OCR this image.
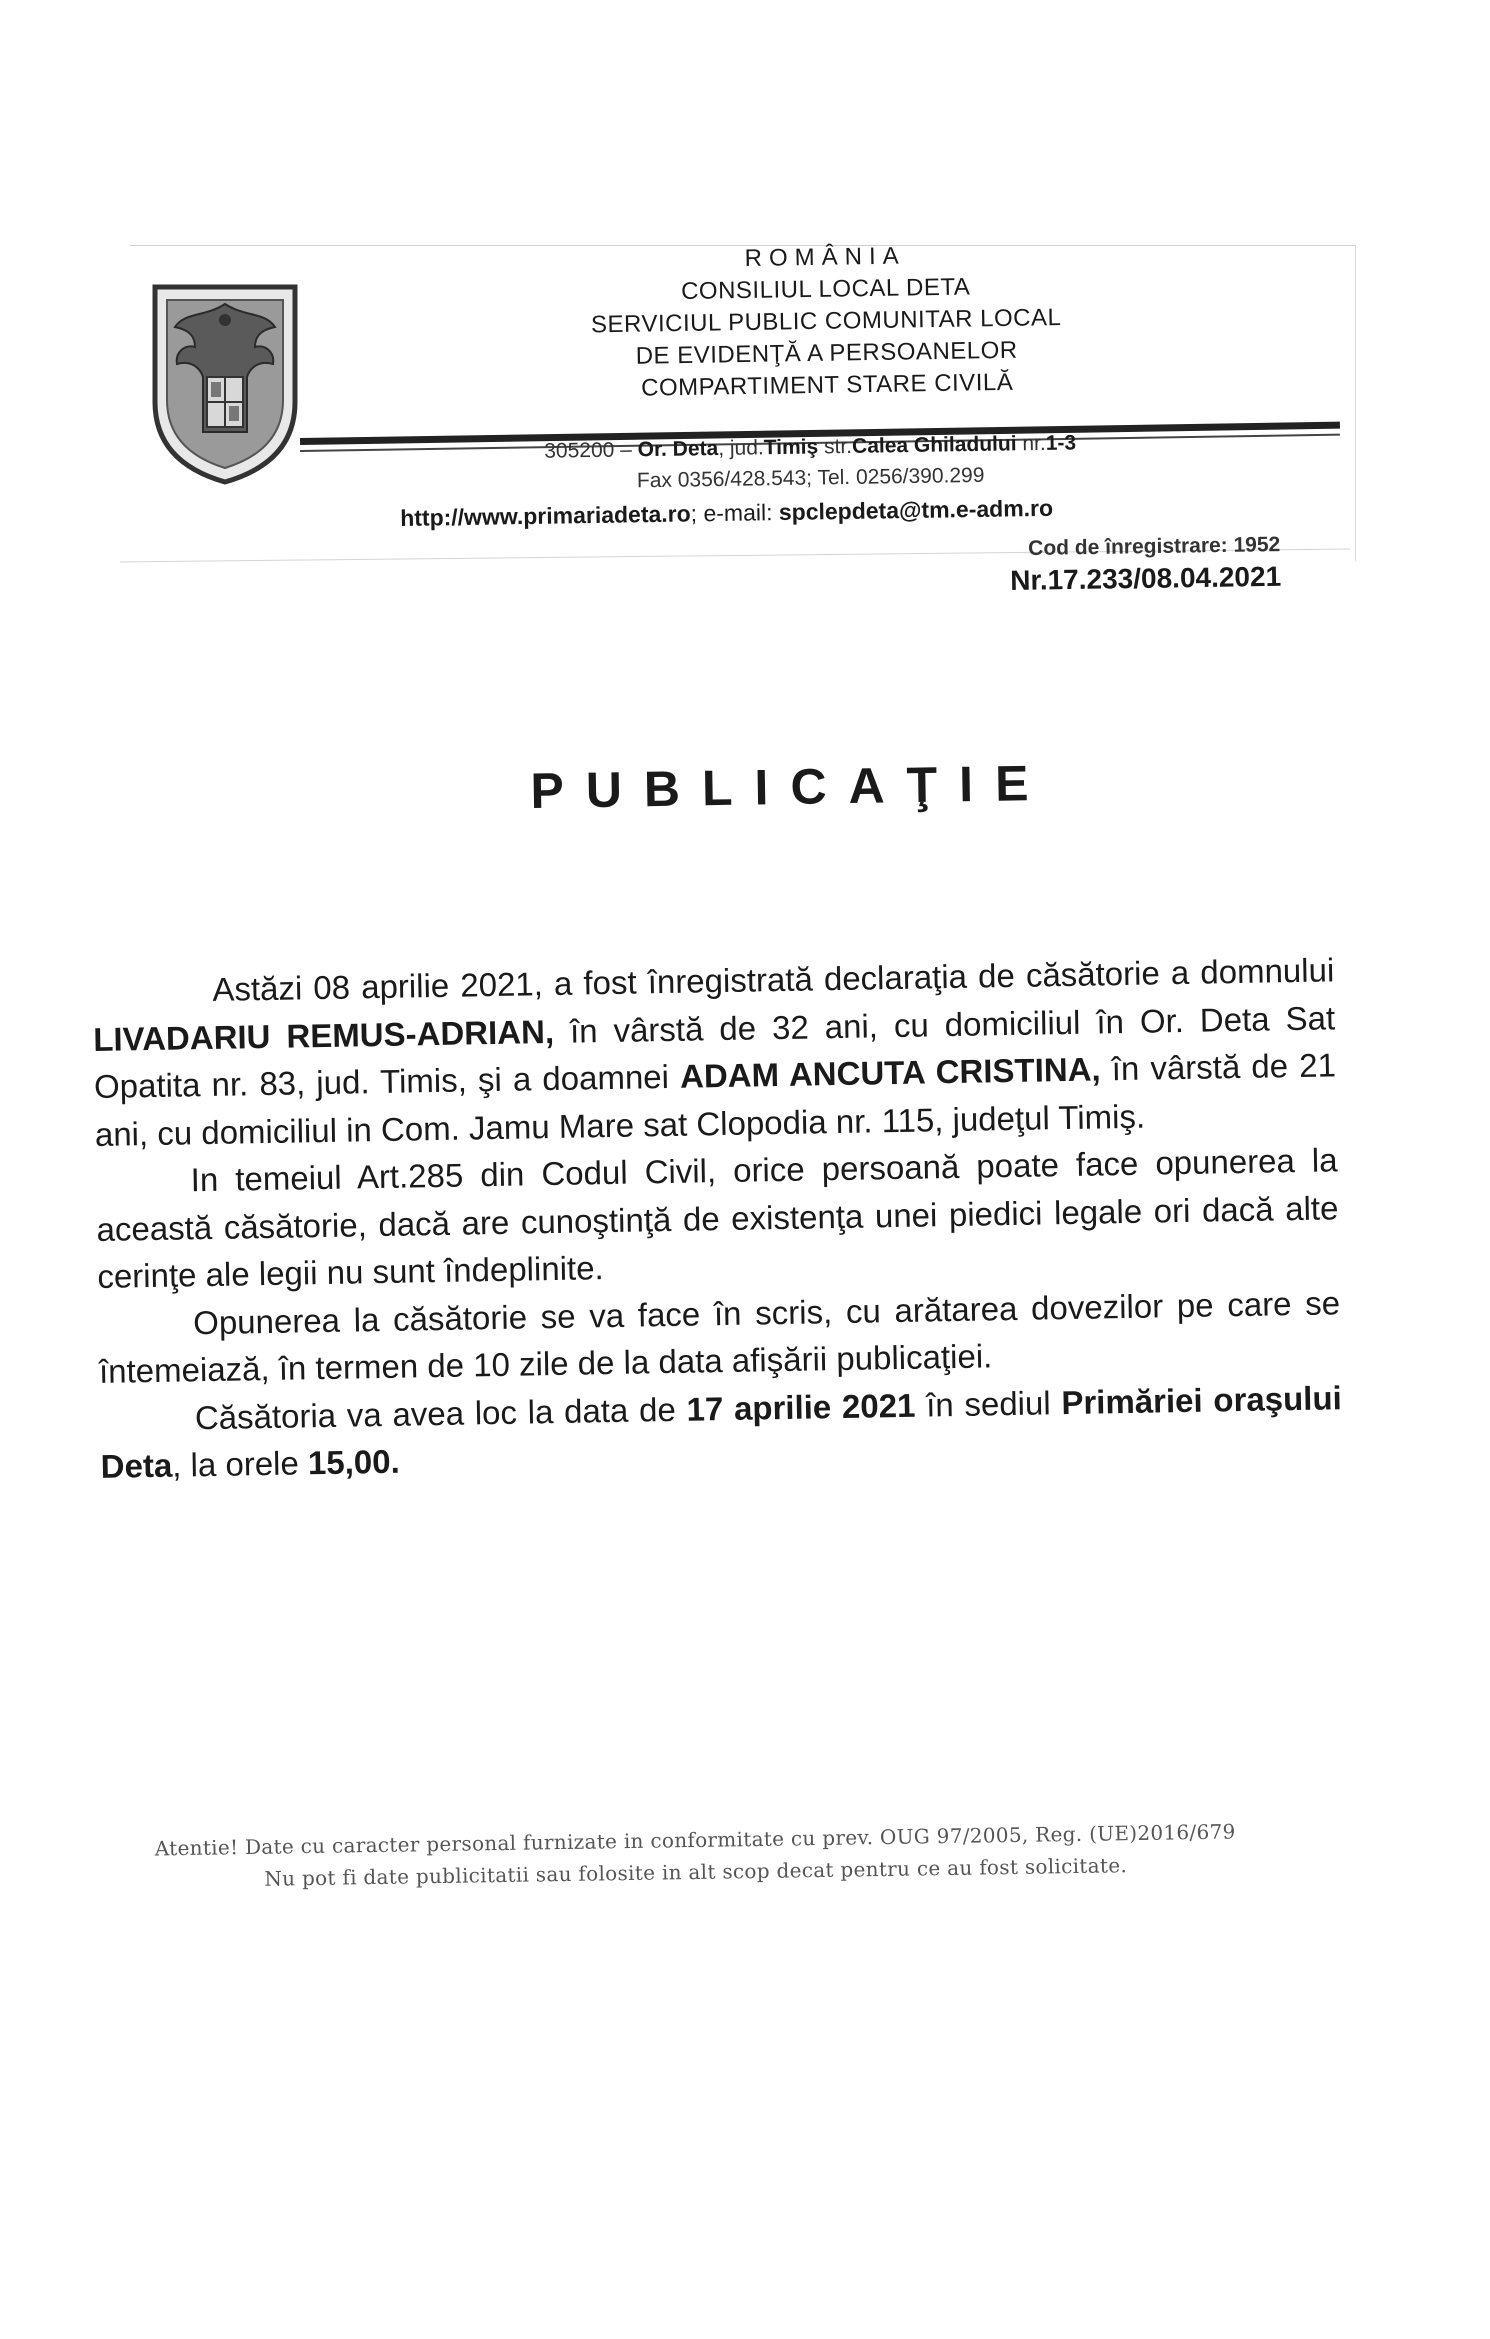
ROMÂNIA
CONSILIUL LOCAL DETA
SERVICIUL PUBLIC COMUNITAR LOCAL
DE EVIDENŢĂ A PERSOANELOR
COMPARTIMENT STARE CIVILĂ
305200 – Or. Deta, jud.Timiş str.Calea Ghiladului nr.1-3
Fax 0356/428.543; Tel. 0256/390.299
http://www.primariadeta.ro; e-mail: spclepdeta@tm.e-adm.ro
Cod de înregistrare: 1952
Nr.17.233/08.04.2021
PUBLICAŢIE

Astăzi 08 aprilie 2021, a fost înregistrată declaraţia de căsătorie a domnului LIVADARIU REMUS-ADRIAN, în vârstă de 32 ani, cu domiciliul în Or. Deta Sat Opatita nr. 83, jud. Timis, şi a doamnei ADAM ANCUTA CRISTINA, în vârstă de 21 ani, cu domiciliul in Com. Jamu Mare sat Clopodia nr. 115, judeţul Timiş.

In temeiul Art.285 din Codul Civil, orice persoană poate face opunerea la această căsătorie, dacă are cunoştinţă de existenţa unei piedici legale ori dacă alte cerinţe ale legii nu sunt îndeplinite.

Opunerea la căsătorie se va face în scris, cu arătarea dovezilor pe care se întemeiază, în termen de 10 zile de la data afişării publicaţiei.

Căsătoria va avea loc la data de 17 aprilie 2021 în sediul Primăriei oraşului Deta, la orele 15,00.

Atentie! Date cu caracter personal furnizate in conformitate cu prev. OUG 97/2005, Reg. (UE)2016/679
Nu pot fi date publicitatii sau folosite in alt scop decat pentru ce au fost solicitate.
